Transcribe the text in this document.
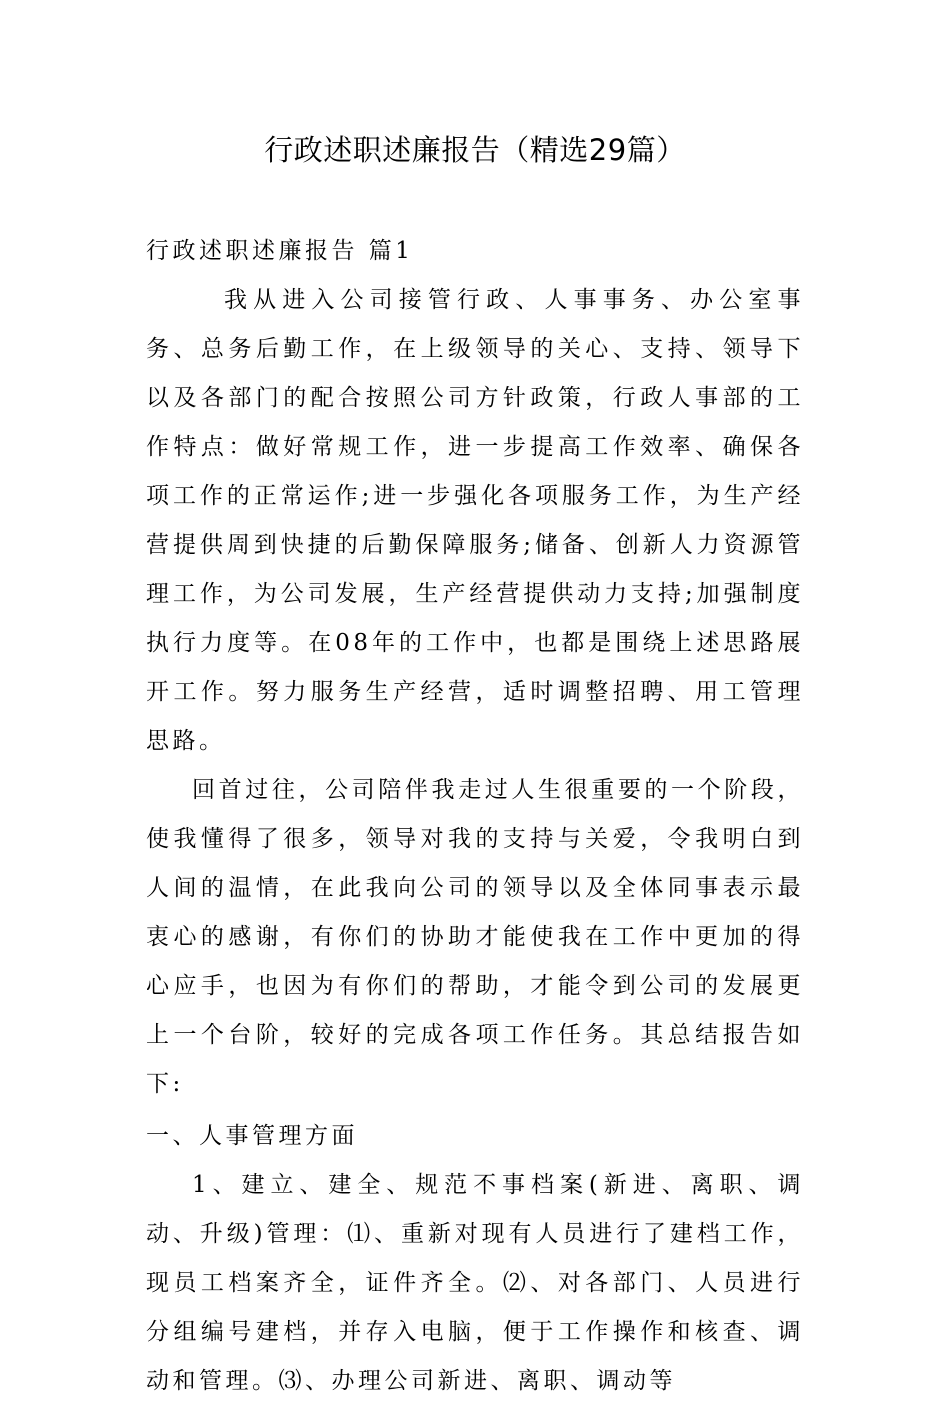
行政述职述廉报告（精选29篇）

行政述职述廉报告 篇1

我从进入公司接管行政、人事事务、办公室事务、总务后勤工作，在上级领导的关心、支持、领导下以及各部门的配合按照公司方针政策，行政人事部的工作特点：做好常规工作，进一步提高工作效率、确保各项工作的正常运作;进一步强化各项服务工作，为生产经营提供周到快捷的后勤保障服务;储备、创新人力资源管理工作，为公司发展，生产经营提供动力支持;加强制度执行力度等。在08年的工作中，也都是围绕上述思路展开工作。努力服务生产经营，适时调整招聘、用工管理思路。

回首过往，公司陪伴我走过人生很重要的一个阶段，使我懂得了很多，领导对我的支持与关爱，令我明白到人间的温情，在此我向公司的领导以及全体同事表示最衷心的感谢，有你们的协助才能使我在工作中更加的得心应手，也因为有你们的帮助，才能令到公司的发展更上一个台阶，较好的完成各项工作任务。其总结报告如下:

一、人事管理方面

1、建立、建全、规范不事档案(新进、离职、调动、升级)管理：⑴、重新对现有人员进行了建档工作，现员工档案齐全，证件齐全。⑵、对各部门、人员进行分组编号建档，并存入电脑，便于工作操作和核查、调动和管理。⑶、办理公司新进、离职、调动等
